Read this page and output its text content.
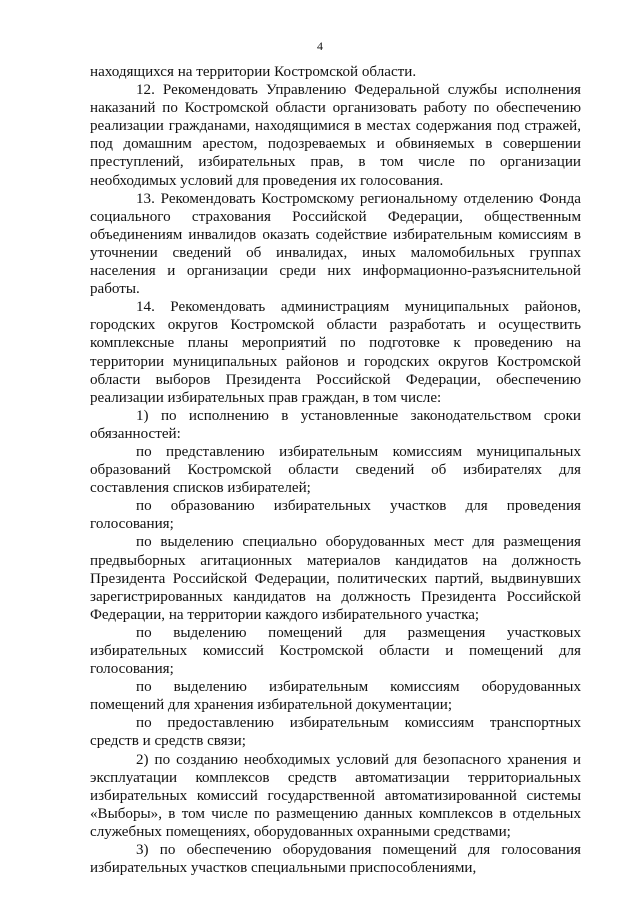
4

находящихся на территории Костромской области.

12. Рекомендовать Управлению Федеральной службы исполнения наказаний по Костромской области организовать работу по обеспечению реализации гражданами, находящимися в местах содержания под стражей, под домашним арестом, подозреваемых и обвиняемых в совершении преступлений, избирательных прав, в том числе по организации необходимых условий для проведения их голосования.

13. Рекомендовать Костромскому региональному отделению Фонда социального страхования Российской Федерации, общественным объединениям инвалидов оказать содействие избирательным комиссиям в уточнении сведений об инвалидах, иных маломобильных группах населения и организации среди них информационно-разъяснительной работы.

14. Рекомендовать администрациям муниципальных районов, городских округов Костромской области разработать и осуществить комплексные планы мероприятий по подготовке к проведению на территории муниципальных районов и городских округов Костромской области выборов Президента Российской Федерации, обеспечению реализации избирательных прав граждан, в том числе:

1) по исполнению в установленные законодательством сроки обязанностей:

по представлению избирательным комиссиям муниципальных образований Костромской области сведений об избирателях для составления списков избирателей;

по образованию избирательных участков для проведения голосования;

по выделению специально оборудованных мест для размещения предвыборных агитационных материалов кандидатов на должность Президента Российской Федерации, политических партий, выдвинувших зарегистрированных кандидатов на должность Президента Российской Федерации, на территории каждого избирательного участка;

по выделению помещений для размещения участковых избирательных комиссий Костромской области и помещений для голосования;

по выделению избирательным комиссиям оборудованных помещений для хранения избирательной документации;

по предоставлению избирательным комиссиям транспортных средств и средств связи;

2) по созданию необходимых условий для безопасного хранения и эксплуатации комплексов средств автоматизации территориальных избирательных комиссий государственной автоматизированной системы «Выборы», в том числе по размещению данных комплексов в отдельных служебных помещениях, оборудованных охранными средствами;

3) по обеспечению оборудования помещений для голосования избирательных участков специальными приспособлениями,
